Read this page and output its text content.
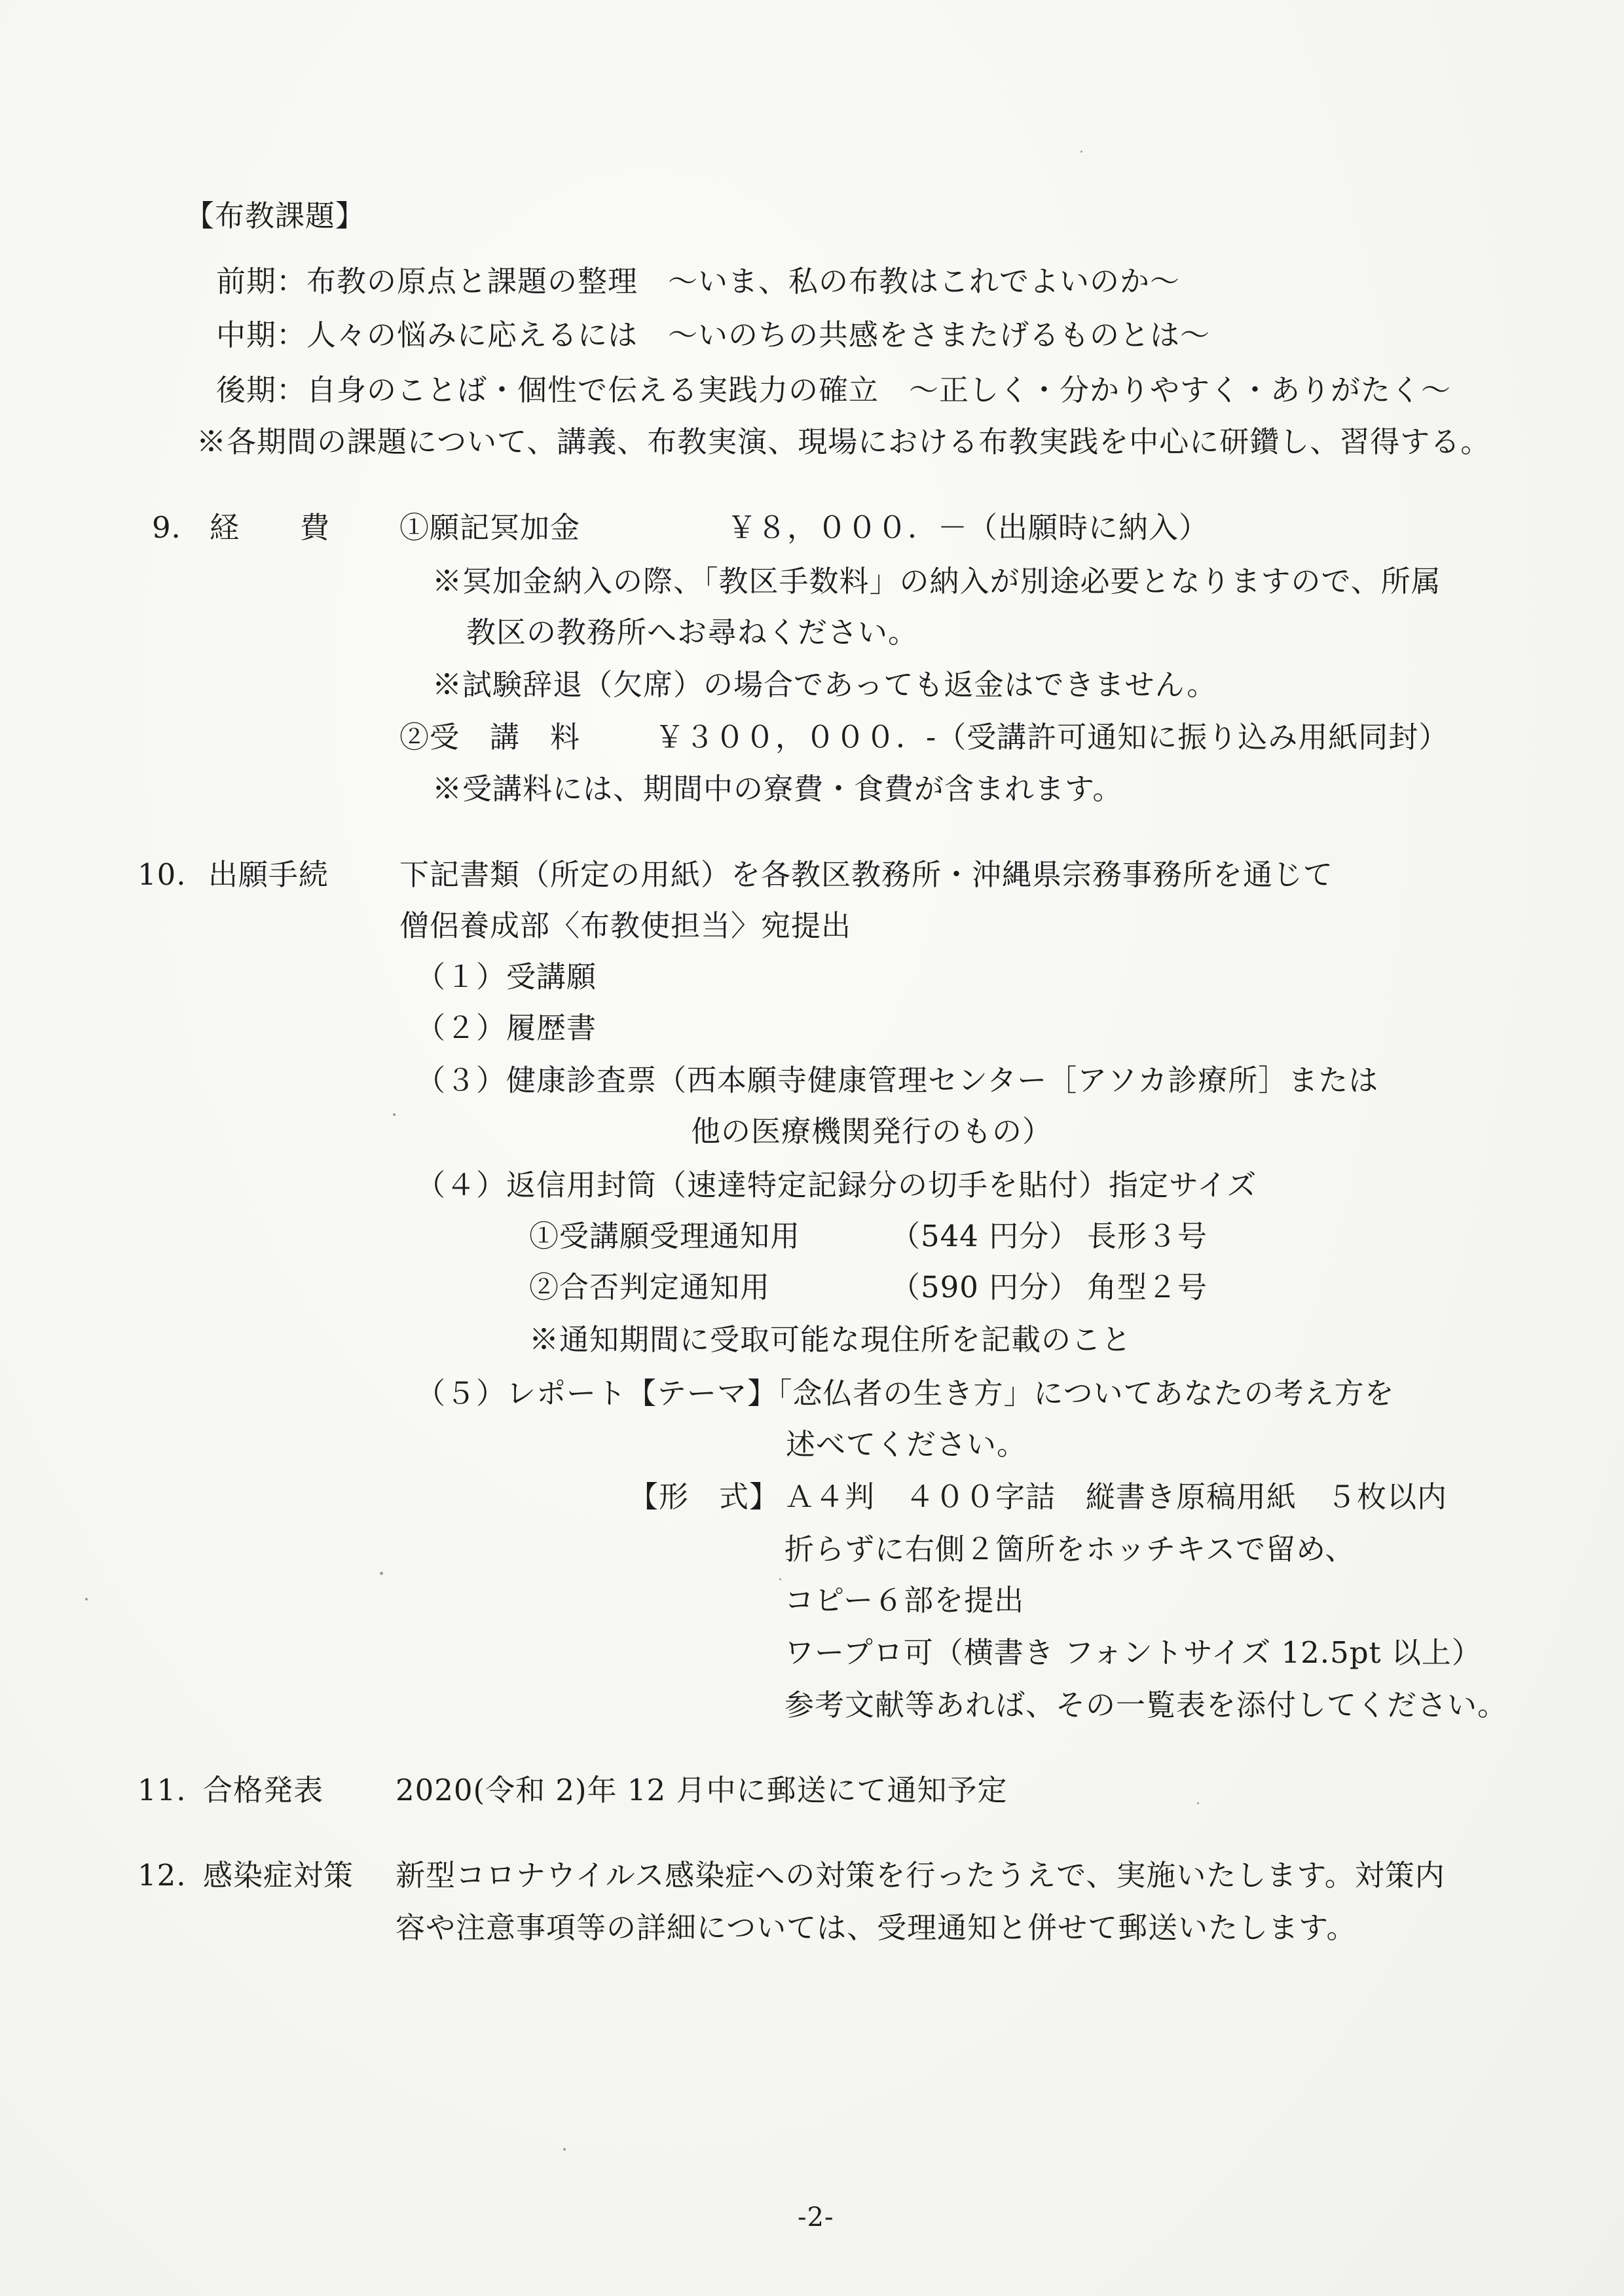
【布教課題】
前期：布教の原点と課題の整理　～いま、私の布教はこれでよいのか～
中期：人々の悩みに応えるには　～いのちの共感をさまたげるものとは～
後期：自身のことば・個性で伝える実践力の確立　～正しく・分かりやすく・ありがたく～
※各期間の課題について、講義、布教実演、現場における布教実践を中心に研鑽し、習得する。
9． 経　　費 ①願記冥加金	￥８，０００．－（出願時に納入）
※冥加金納入の際、「教区手数料」の納入が別途必要となりますので、所属
教区の教務所へお尋ねください。
※試験辞退（欠席）の場合であっても返金はできません。
②受　講　料	￥３００，０００．-（受講許可通知に振り込み用紙同封）
※受講料には、期間中の寮費・食費が含まれます。
10. 出願手続 下記書類（所定の用紙）を各教区教務所・沖縄県宗務事務所を通じて
僧侶養成部〈布教使担当〉宛提出
（１）受講願
（２）履歴書
（３）健康診査票（西本願寺健康管理センター［アソカ診療所］または
他の医療機関発行のもの）
（４）返信用封筒（速達特定記録分の切手を貼付）指定サイズ
①受講願受理通知用	（544 円分） 長形３号
②合否判定通知用	（590 円分） 角型２号
※通知期間に受取可能な現住所を記載のこと
（５）レポート【テーマ】「念仏者の生き方」についてあなたの考え方を
述べてください。
【形　式】 Ａ４判　４００字詰　縦書き原稿用紙　５枚以内
折らずに右側２箇所をホッチキスで留め、
コピー６部を提出
ワープロ可（横書き フォントサイズ 12.5pt 以上）
参考文献等あれば、その一覧表を添付してください。
11. 合格発表 2020(令和 2)年 12 月中に郵送にて通知予定
12. 感染症対策 新型コロナウイルス感染症への対策を行ったうえで、実施いたします。対策内
容や注意事項等の詳細については、受理通知と併せて郵送いたします。
-2-
